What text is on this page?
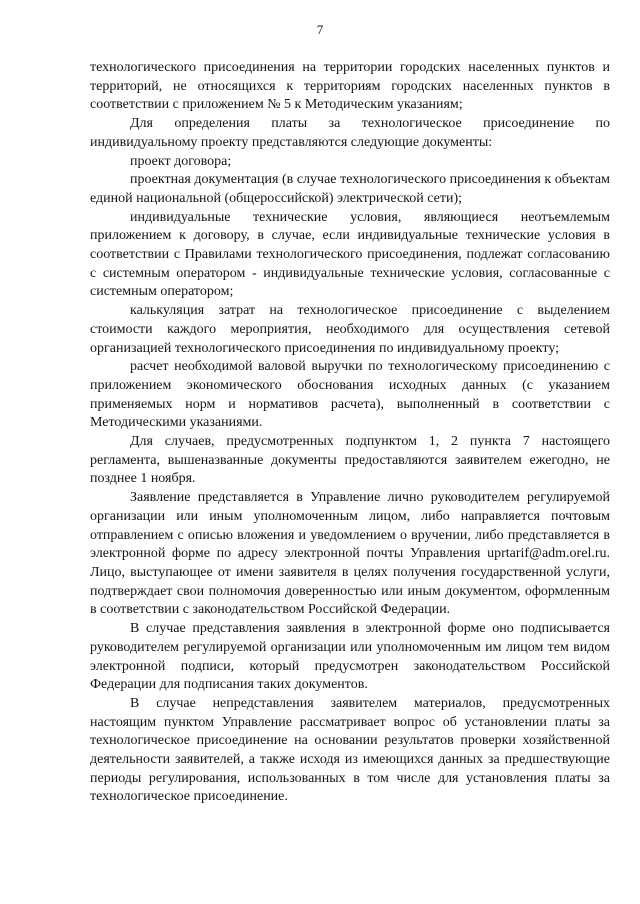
7

технологического присоединения на территории городских населенных пунктов и территорий, не относящихся к территориям городских населенных пунктов в соответствии с приложением № 5 к Методическим указаниям;

Для определения платы за технологическое присоединение по индивидуальному проекту представляются следующие документы:

проект договора;

проектная документация (в случае технологического присоединения к объектам единой национальной (общероссийской) электрической сети);

индивидуальные технические условия, являющиеся неотъемлемым приложением к договору, в случае, если индивидуальные технические условия в соответствии с Правилами технологического присоединения, подлежат согласованию с системным оператором - индивидуальные технические условия, согласованные с системным оператором;

калькуляция затрат на технологическое присоединение с выделением стоимости каждого мероприятия, необходимого для осуществления сетевой организацией технологического присоединения по индивидуальному проекту;

расчет необходимой валовой выручки по технологическому присоединению с приложением экономического обоснования исходных данных (с указанием применяемых норм и нормативов расчета), выполненный в соответствии с Методическими указаниями.

Для случаев, предусмотренных подпунктом 1, 2 пункта 7 настоящего регламента, вышеназванные документы предоставляются заявителем ежегодно, не позднее 1 ноября.

Заявление представляется в Управление лично руководителем регулируемой организации или иным уполномоченным лицом, либо направляется почтовым отправлением с описью вложения и уведомлением о вручении, либо представляется в электронной форме по адресу электронной почты Управления uprtarif@adm.orel.ru. Лицо, выступающее от имени заявителя в целях получения государственной услуги, подтверждает свои полномочия доверенностью или иным документом, оформленным в соответствии с законодательством Российской Федерации.

В случае представления заявления в электронной форме оно подписывается руководителем регулируемой организации или уполномоченным им лицом тем видом электронной подписи, который предусмотрен законодательством Российской Федерации для подписания таких документов.

В случае непредставления заявителем материалов, предусмотренных настоящим пунктом Управление рассматривает вопрос об установлении платы за технологическое присоединение на основании результатов проверки хозяйственной деятельности заявителей, а также исходя из имеющихся данных за предшествующие периоды регулирования, использованных в том числе для установления платы за технологическое присоединение.
